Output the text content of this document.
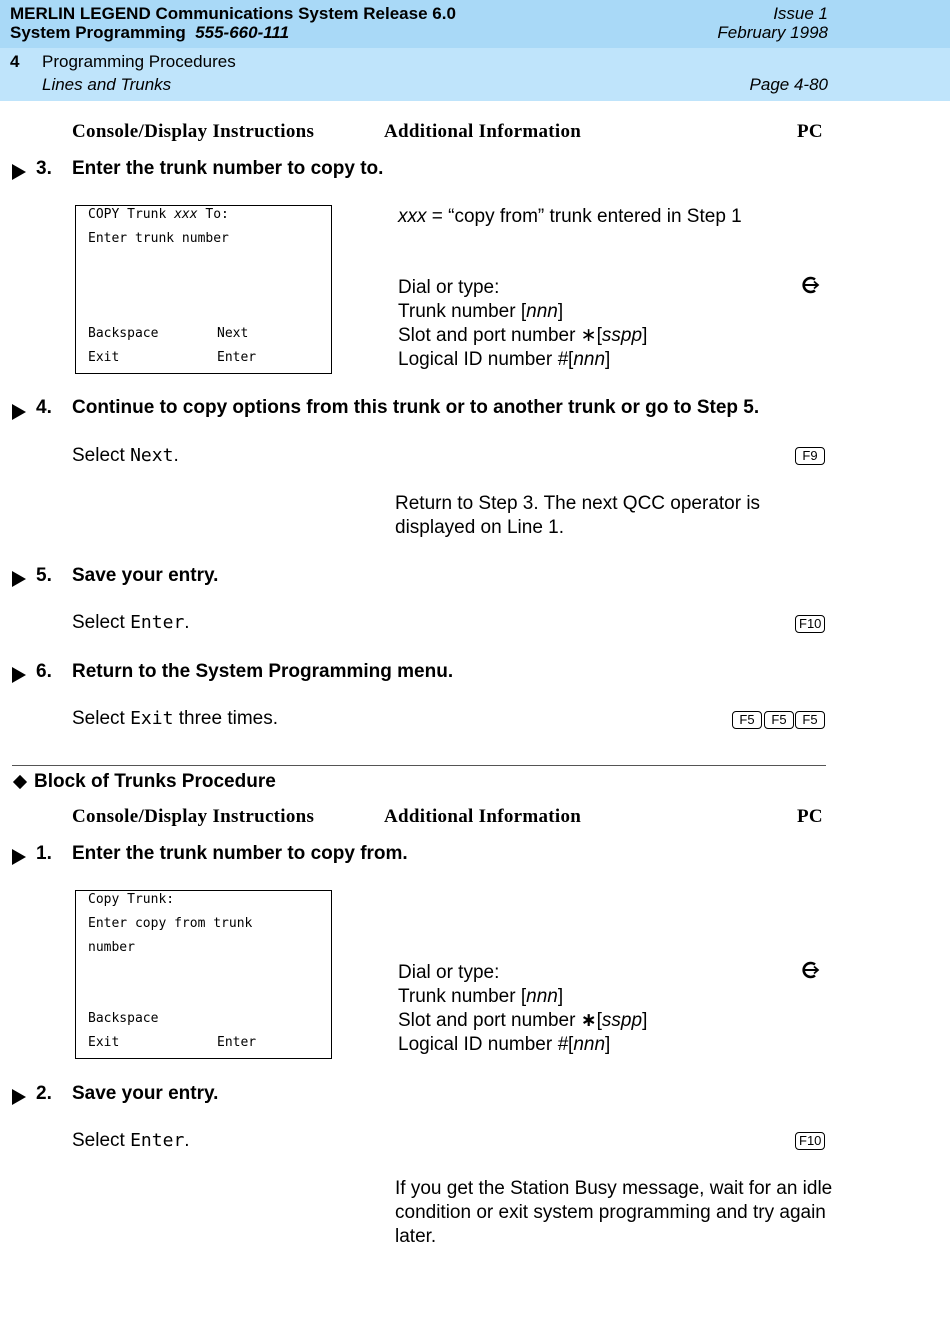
MERLIN LEGEND Communications System Release 6.0
System Programming 555-660-111
Issue 1
February 1998
4 Programming Procedures
Lines and Trunks	Page 4-80
Console/Display Instructions	Additional Information	PC
3. Enter the trunk number to copy to.
COPY Trunk xxx To:
Enter trunk number
Backspace	Next
Exit	Enter
xxx = “copy from” trunk entered in Step 1
Dial or type:
Trunk number [nnn]
Slot and port number ∗[sspp]
Logical ID number #[nnn]
4. Continue to copy options from this trunk or to another trunk or go to Step 5.
Select Next.	F9
Return to Step 3. The next QCC operator is displayed on Line 1.
5. Save your entry.
Select Enter.	F10
6. Return to the System Programming menu.
Select Exit three times.	F5	F5	F5
Block of Trunks Procedure
Console/Display Instructions	Additional Information	PC
1. Enter the trunk number to copy from.
Copy Trunk:
Enter copy from trunk
number
Backspace
Exit	Enter
Dial or type:
Trunk number [nnn]
Slot and port number ∗[sspp]
Logical ID number #[nnn]
2. Save your entry.
Select Enter.	F10
If you get the Station Busy message, wait for an idle condition or exit system programming and try again later.
